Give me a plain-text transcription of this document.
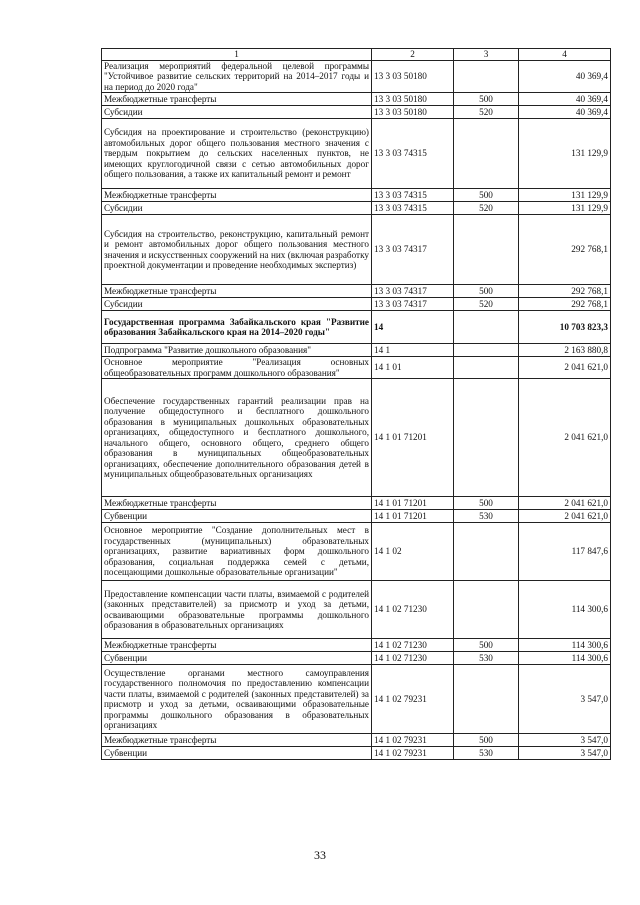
1	2	3	4
Реализация мероприятий федеральной целевой программы "Устойчивое развитие сельских территорий на 2014–2017 годы и на период до 2020 года"	13 3 03 50180		40 369,4
Межбюджетные трансферты	13 3 03 50180	500	40 369,4
Субсидии	13 3 03 50180	520	40 369,4
Субсидия на проектирование и строительство (реконструкцию) автомобильных дорог общего пользования местного значения с твердым покрытием до сельских населенных пунктов, не имеющих круглогодичной связи с сетью автомобильных дорог общего пользования, а также их капитальный ремонт и ремонт	13 3 03 74315		131 129,9
Межбюджетные трансферты	13 3 03 74315	500	131 129,9
Субсидии	13 3 03 74315	520	131 129,9
Субсидия на строительство, реконструкцию, капитальный ремонт и ремонт автомобильных дорог общего пользования местного значения и искусственных сооружений на них (включая разработку проектной документации и проведение необходимых экспертиз)	13 3 03 74317		292 768,1
Межбюджетные трансферты	13 3 03 74317	500	292 768,1
Субсидии	13 3 03 74317	520	292 768,1
Государственная программа Забайкальского края "Развитие образования Забайкальского края на 2014–2020 годы"	14		10 703 823,3
Подпрограмма "Развитие дошкольного образования"	14 1		2 163 880,8
Основное мероприятие "Реализация основных общеобразовательных программ дошкольного образования"	14 1 01		2 041 621,0
Обеспечение государственных гарантий реализации прав на получение общедоступного и бесплатного дошкольного образования в муниципальных дошкольных образовательных организациях, общедоступного и бесплатного дошкольного, начального общего, основного общего, среднего общего образования в муниципальных общеобразовательных организациях, обеспечение дополнительного образования детей в муниципальных общеобразовательных организациях	14 1 01 71201		2 041 621,0
Межбюджетные трансферты	14 1 01 71201	500	2 041 621,0
Субвенции	14 1 01 71201	530	2 041 621,0
Основное мероприятие "Создание дополнительных мест в государственных (муниципальных) образовательных организациях, развитие вариативных форм дошкольного образования, социальная поддержка семей с детьми, посещающими дошкольные образовательные организации"	14 1 02		117 847,6
Предоставление компенсации части платы, взимаемой с родителей (законных представителей) за присмотр и уход за детьми, осваивающими образовательные программы дошкольного образования в образовательных организациях	14 1 02 71230		114 300,6
Межбюджетные трансферты	14 1 02 71230	500	114 300,6
Субвенции	14 1 02 71230	530	114 300,6
Осуществление органами местного самоуправления государственного полномочия по предоставлению компенсации части платы, взимаемой с родителей (законных представителей) за присмотр и уход за детьми, осваивающими образовательные программы дошкольного образования в образовательных организациях	14 1 02 79231		3 547,0
Межбюджетные трансферты	14 1 02 79231	500	3 547,0
Субвенции	14 1 02 79231	530	3 547,0
33
